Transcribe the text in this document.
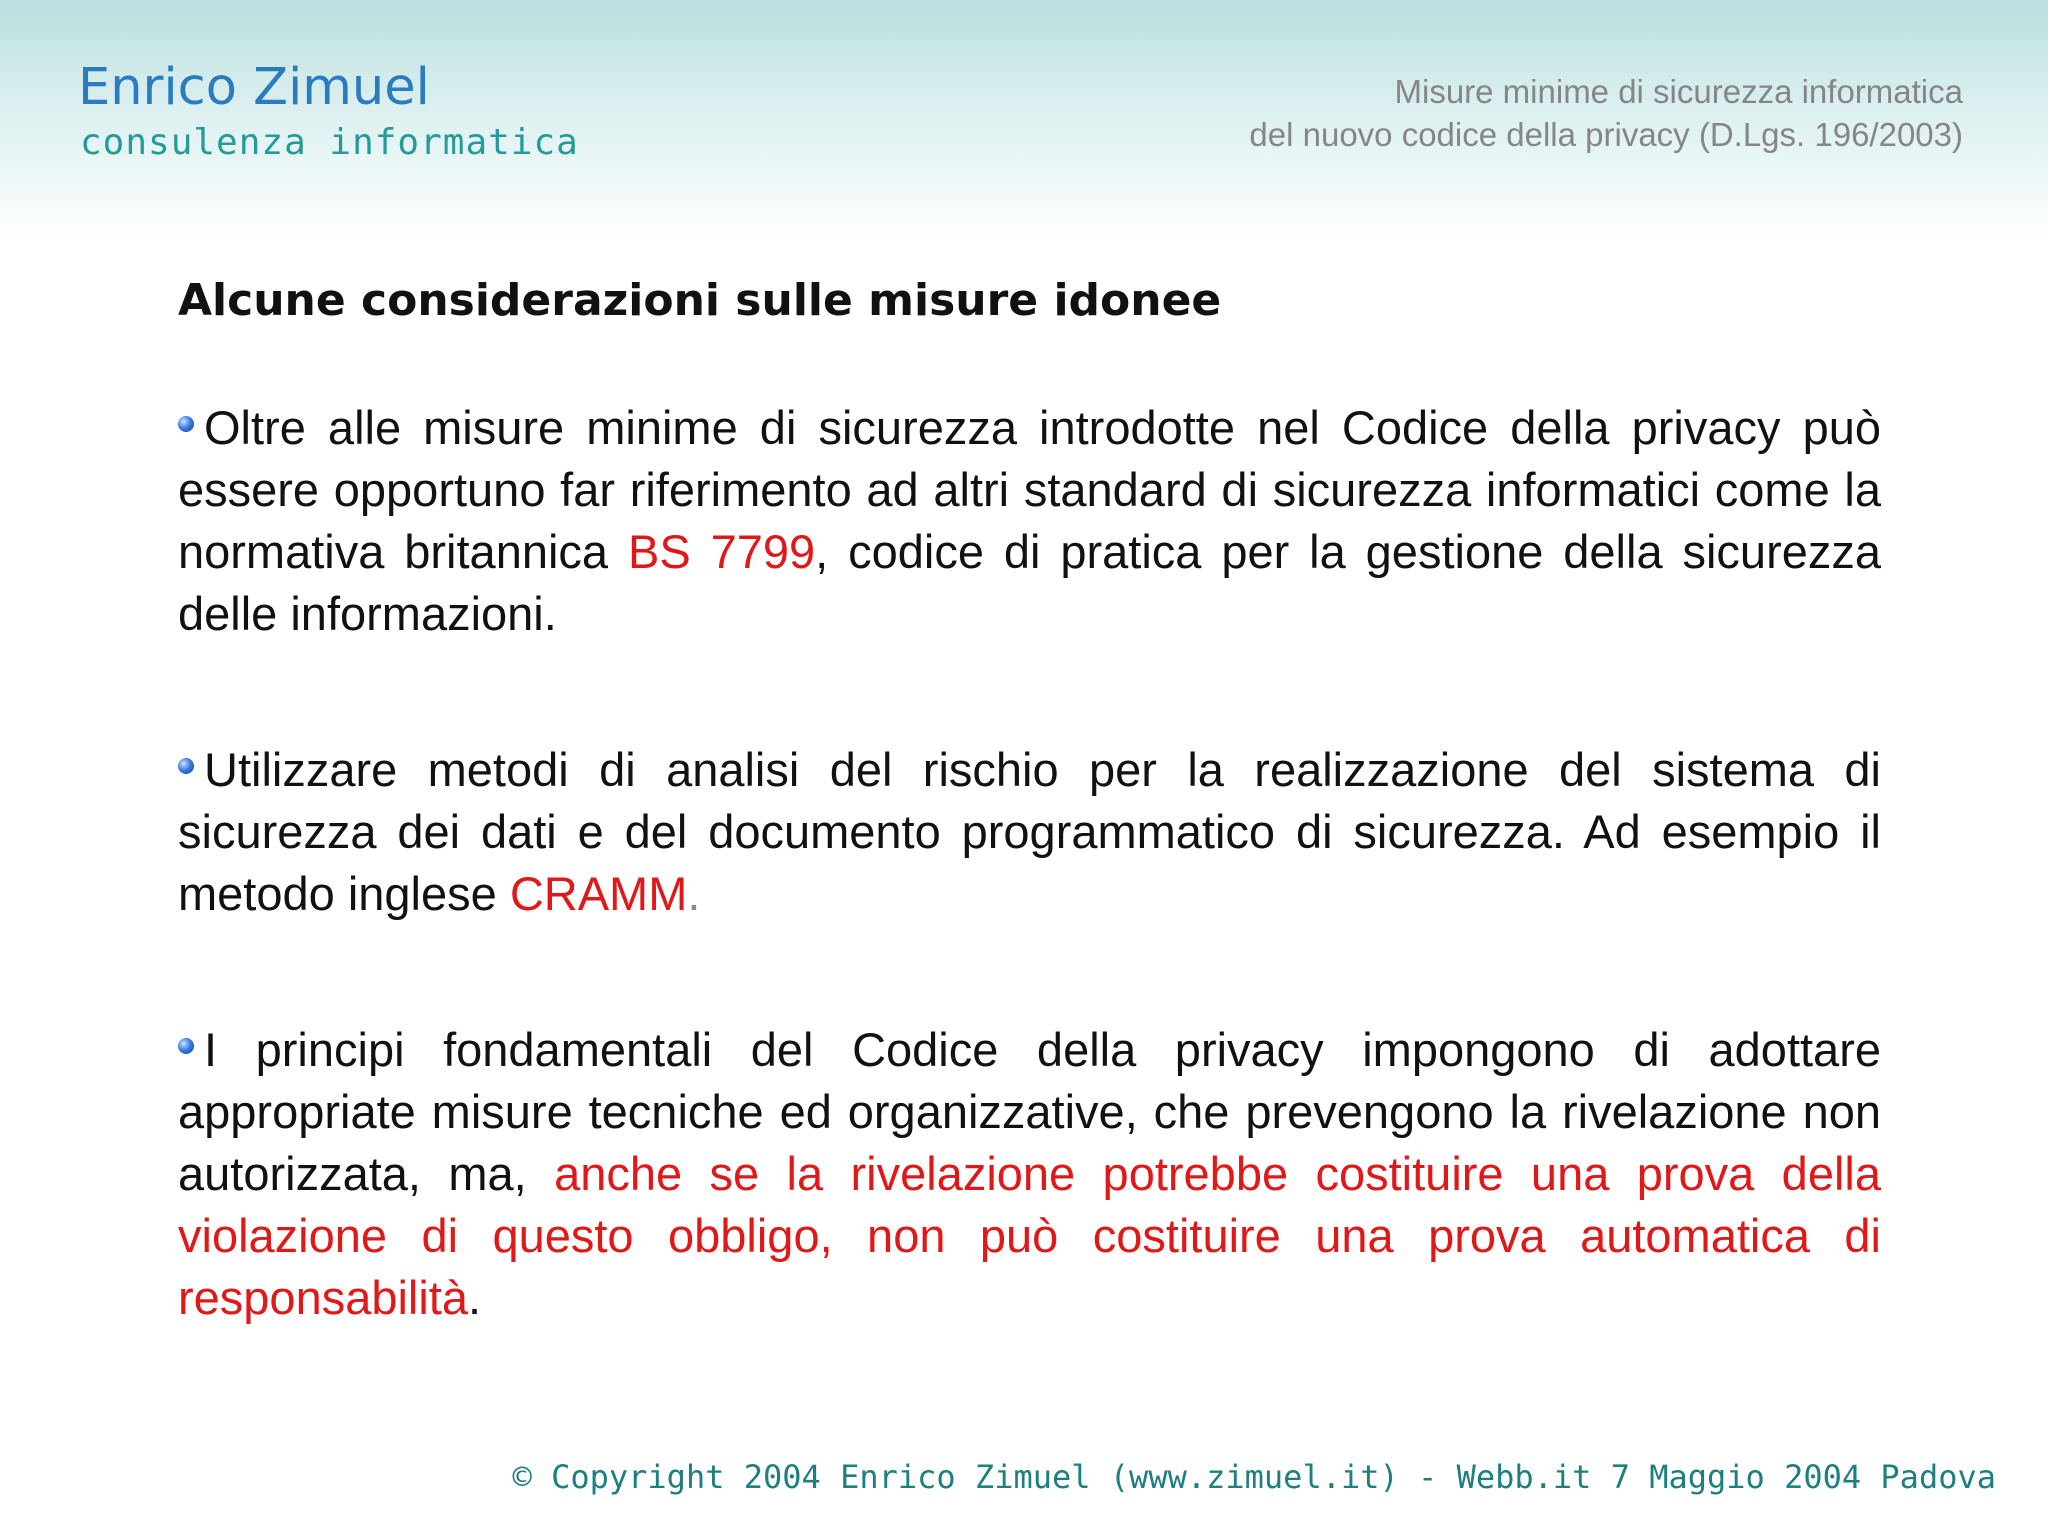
Enrico Zimuel
consulenza informatica
Misure minime di sicurezza informatica
del nuovo codice della privacy (D.Lgs. 196/2003)
Alcune considerazioni sulle misure idonee

Oltre alle misure minime di sicurezza introdotte nel Codice della privacy può essere opportuno far riferimento ad altri standard di sicurezza informatici come la normativa britannica BS 7799, codice di pratica per la gestione della sicurezza delle informazioni.

Utilizzare metodi di analisi del rischio per la realizzazione del sistema di sicurezza dei dati e del documento programmatico di sicurezza. Ad esempio il metodo inglese CRAMM.

I principi fondamentali del Codice della privacy impongono di adottare appropriate misure tecniche ed organizzative, che prevengono la rivelazione non autorizzata, ma, anche se la rivelazione potrebbe costituire una prova della violazione di questo obbligo, non può costituire una prova automatica di responsabilità.

© Copyright 2004 Enrico Zimuel (www.zimuel.it) - Webb.it 7 Maggio 2004 Padova
